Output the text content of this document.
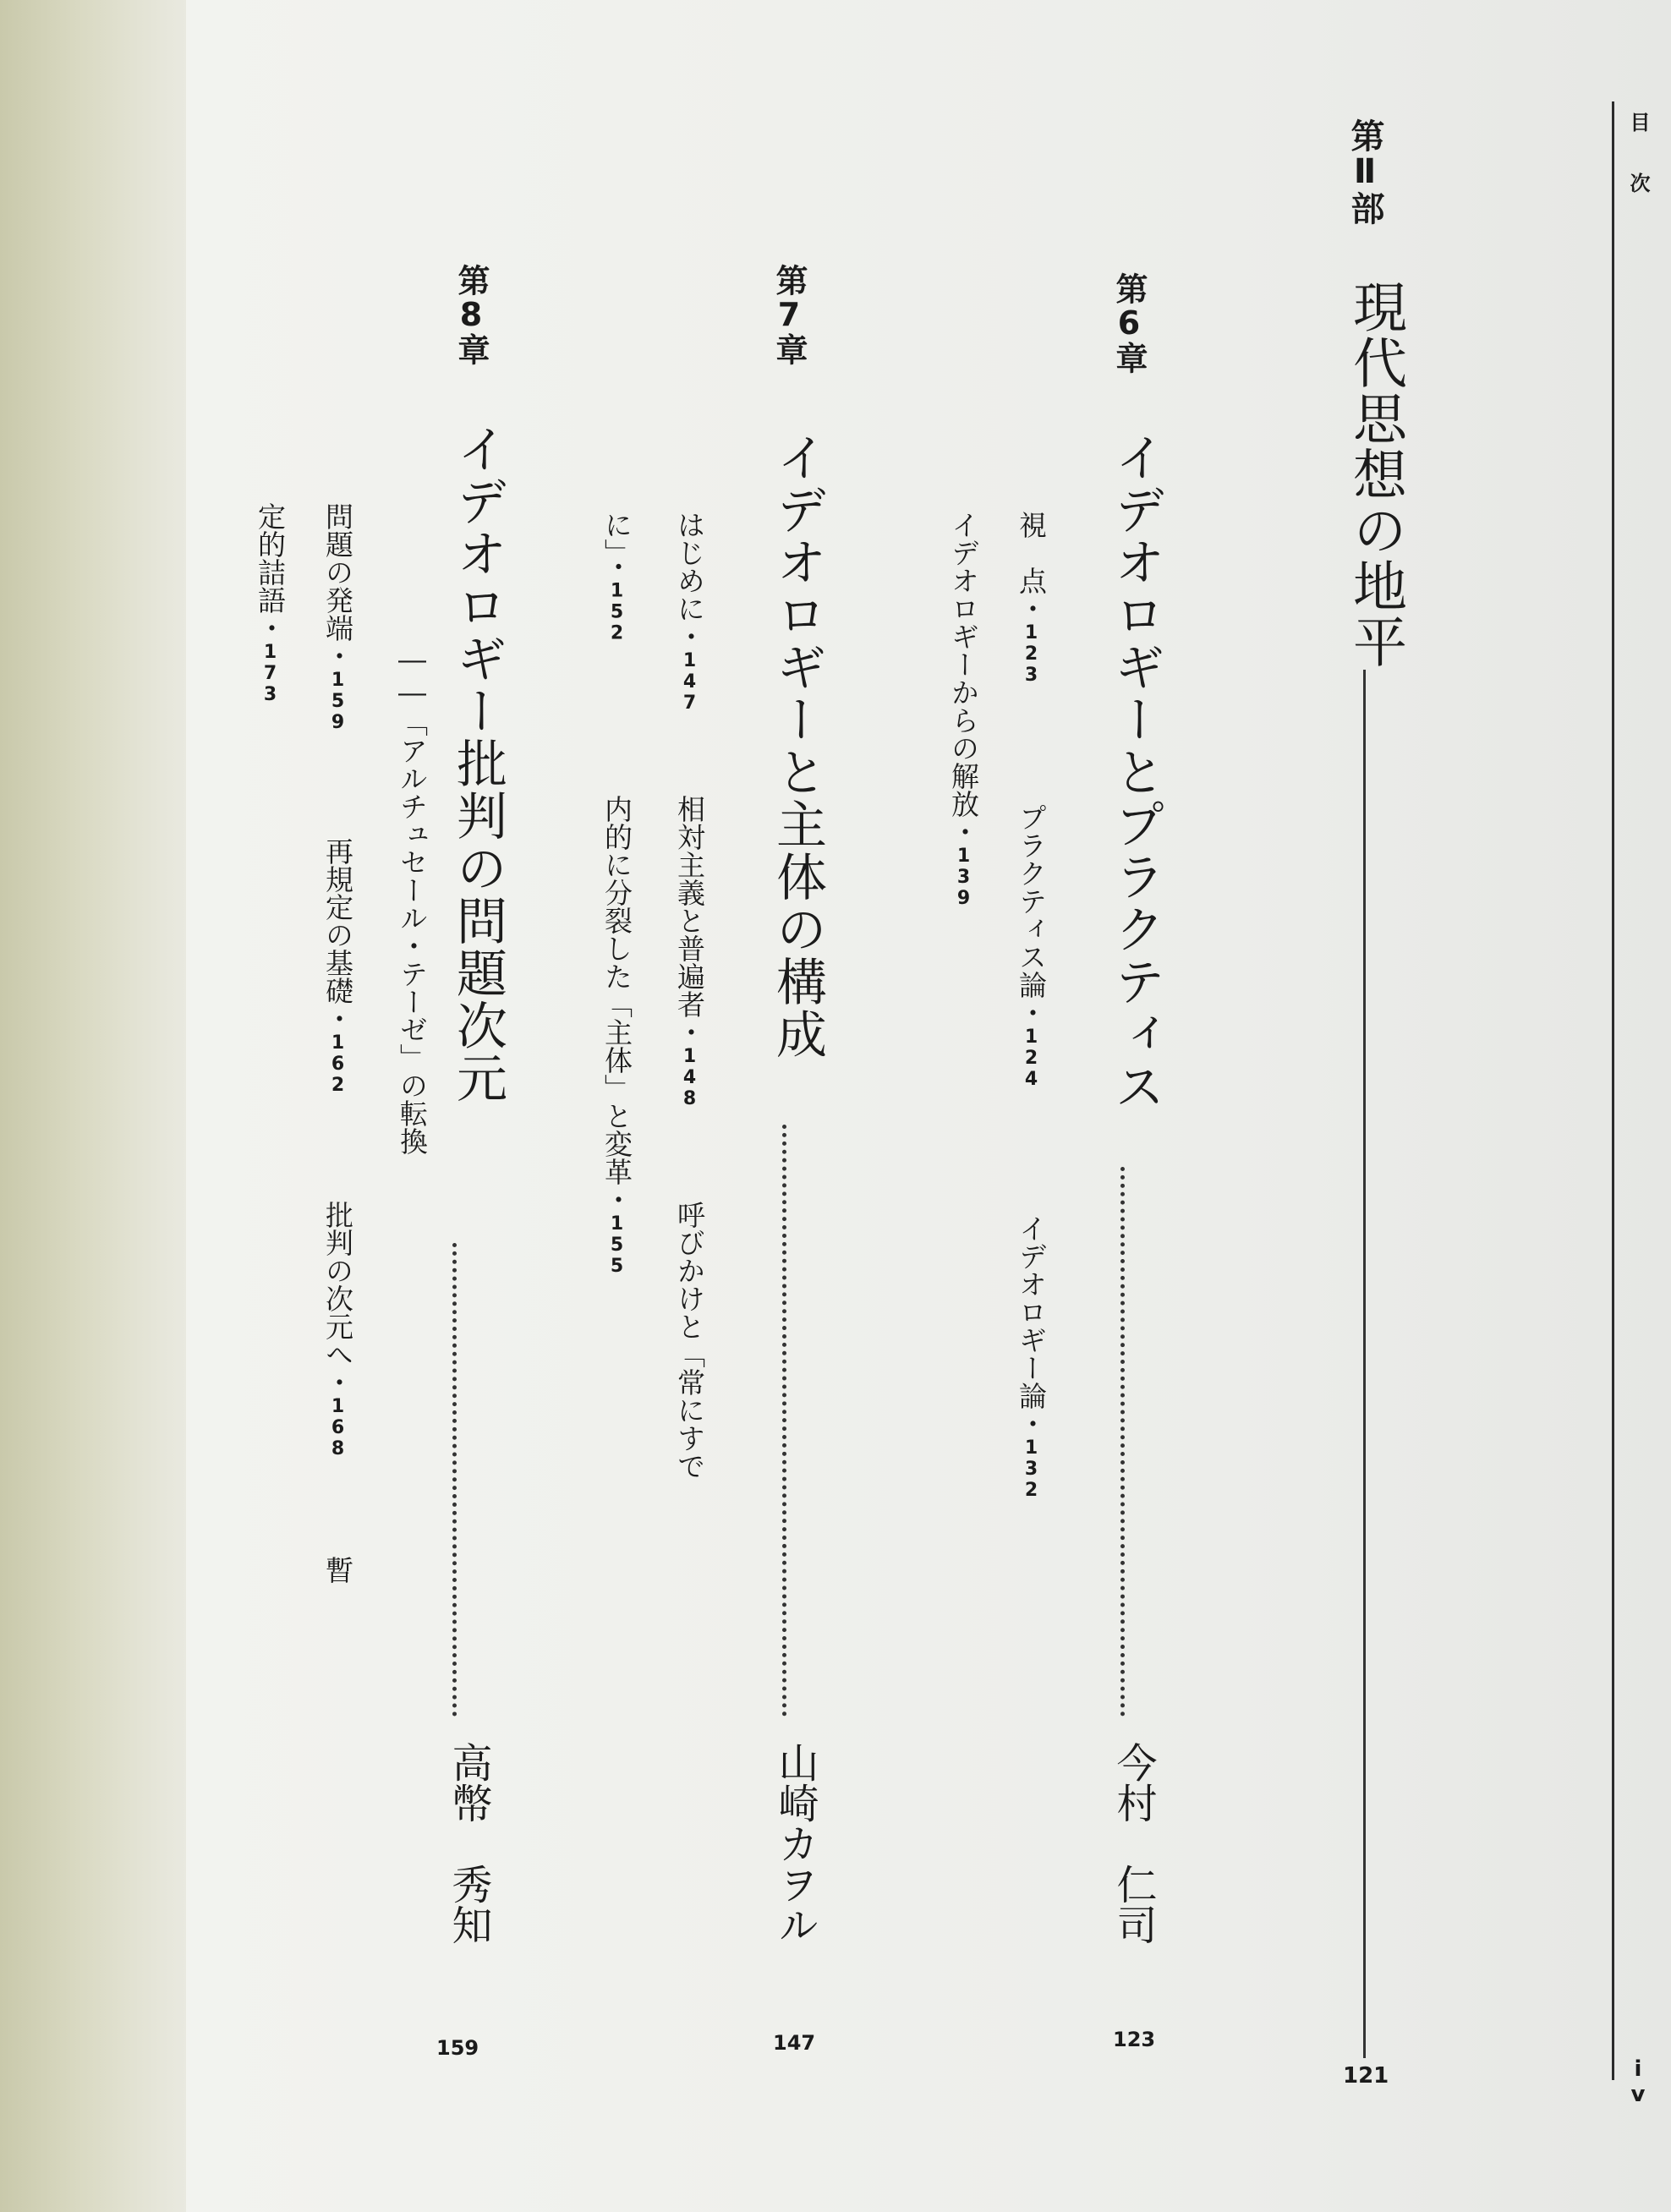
目次
iv
第Ⅱ部
現代思想の地平
121
第6章
イデオロギーとプラクティス
今村　仁司
123
視　点・123
プラクティス論・124
イデオロギー論・132
イデオロギーからの解放・139
第7章
イデオロギーと主体の構成
山崎カヲル
147
はじめに・147
相対主義と普遍者・148
呼びかけと「常にすで
に」・152
内的に分裂した「主体」と変革・155
第8章
イデオロギー批判の問題次元
――「アルチュセール・テーゼ」の転換
高幣　秀知
159
問題の発端・159
再規定の基礎・162
批判の次元へ・168
暫
定的詰語・173
